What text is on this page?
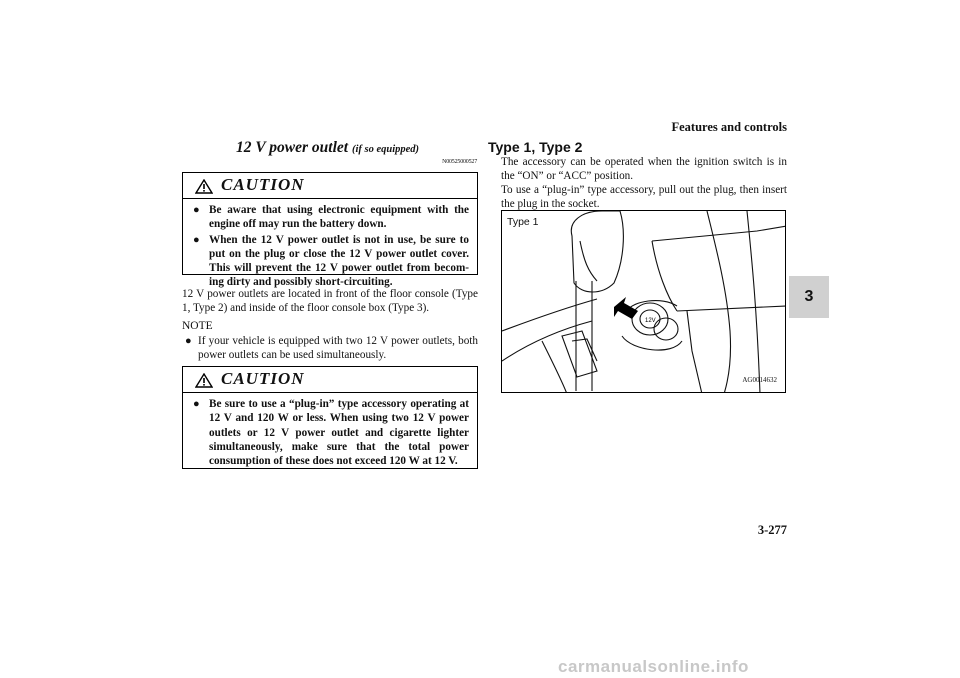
Features and controls
3
3-277
12 V power outlet (if so equipped)
N00525000527
CAUTION
● Be aware that using electronic equipment with the engine off may run the battery down.
● When the 12 V power outlet is not in use, be sure to put on the plug or close the 12 V power outlet cover. This will prevent the 12 V power outlet from becom- ing dirty and possibly short-circuiting.
12 V power outlets are located in front of the floor console (Type 1, Type 2) and inside of the floor console box (Type 3).
NOTE
● If your vehicle is equipped with two 12 V power outlets, both power outlets can be used simultaneously.
CAUTION
● Be sure to use a “plug-in” type accessory operating at 12 V and 120 W or less. When using two 12 V power outlets or 12 V power outlet and cigarette lighter simultaneously, make sure that the total power consumption of these does not exceed 120 W at 12 V.
Type 1, Type 2
The accessory can be operated when the ignition switch is in the “ON” or “ACC” position.
To use a “plug-in” type accessory, pull out the plug, then insert the plug in the socket.
12V
Type 1
AG0014632
carmanualsonline.info
